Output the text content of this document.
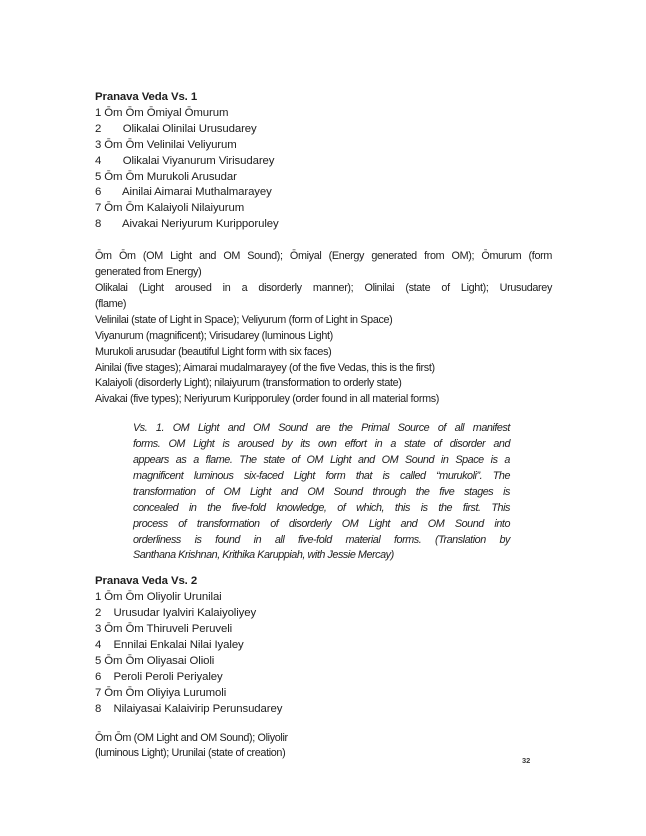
Pranava Veda Vs. 1
1 Ōm Ōm Ōmiyal Ōmurum
2       Olikalai Olinilai Urusudarey
3 Ōm Ōm Velinilai Veliyurum
4       Olikalai Viyanurum Virisudarey
5 Ōm Ōm Murukoli Arusudar
6       Ainilai Aimarai Muthalmarayey
7 Ōm Ōm Kalaiyoli Nilaiyurum
8       Aivakai Neriyurum Kuripporuley
Ōm Ōm (OM Light and OM Sound); Ōmiyal (Energy generated from OM); Ōmurum (form
generated from Energy)
Olikalai (Light aroused in a disorderly manner); Olinilai (state of Light); Urusudarey
(flame)
Velinilai (state of Light in Space); Veliyurum (form of Light in Space)
Viyanurum (magnificent); Virisudarey (luminous Light)
Murukoli arusudar (beautiful Light form with six faces)
Ainilai (five stages); Aimarai mudalmarayey (of the five Vedas, this is the first)
Kalaiyoli (disorderly Light); nilaiyurum (transformation to orderly state)
Aivakai (five types); Neriyurum Kuripporuley (order found in all material forms)
Vs. 1. OM Light and OM Sound are the Primal Source of all manifest
forms. OM Light is aroused by its own effort in a state of disorder and
appears as a flame. The state of OM Light and OM Sound in Space is a
magnificent luminous six-faced Light form that is called “murukoli”. The
transformation of OM Light and OM Sound through the five stages is
concealed in the five-fold knowledge, of which, this is the first. This
process of transformation of disorderly OM Light and OM Sound into
orderliness is found in all five-fold material forms. (Translation by
Santhana Krishnan, Krithika Karuppiah, with Jessie Mercay)
Pranava Veda Vs. 2
1 Ōm Ōm Oliyolir Urunilai
2    Urusudar Iyalviri Kalaiyoliyey
3 Ōm Ōm Thiruveli Peruveli
4    Ennilai Enkalai Nilai Iyaley
5 Ōm Ōm Oliyasai Olioli
6    Peroli Peroli Periyaley
7 Ōm Ōm Oliyiya Lurumoli
8    Nilaiyasai Kalaivirip Perunsudarey
Ōm Ōm (OM Light and OM Sound); Oliyolir
(luminous Light); Urunilai (state of creation)
32
